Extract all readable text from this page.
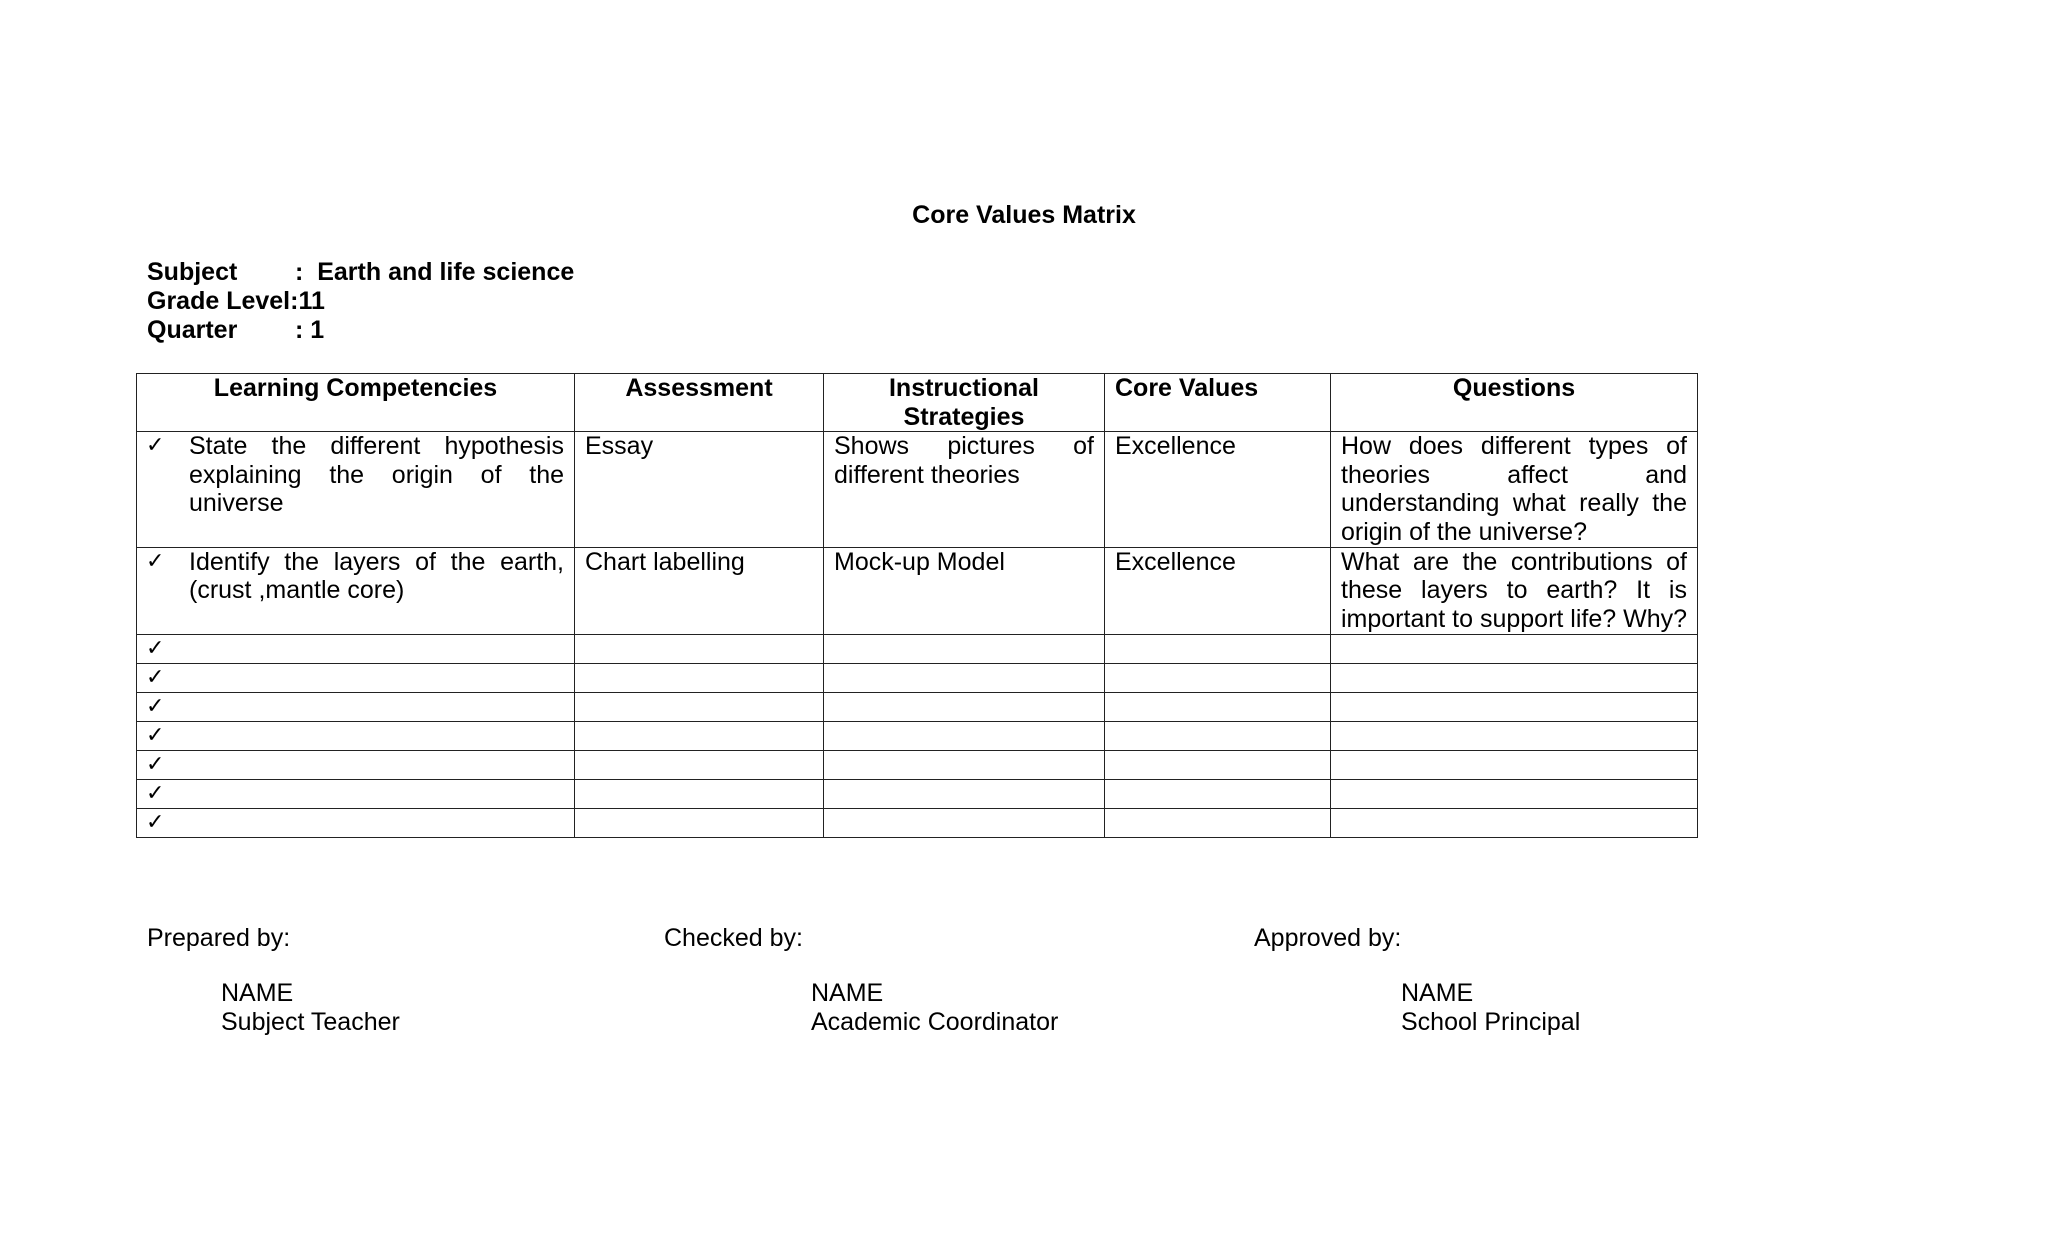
Core Values Matrix
Subject	:  Earth and life science
Grade Level :11
Quarter	: 1
Learning Competencies	Assessment	Instructional Strategies	Core Values	Questions

✓ State the different hypothesis explaining the origin of the universe	Essay	Shows pictures of different theories	Excellence	How does different types of theories affect and understanding what really the origin of the universe?

✓ Identify the layers of the earth, (crust ,mantle core)	Chart labelling	Mock-up Model	Excellence	What are the contributions of these layers to earth? It is important to support life? Why?

✓				

✓				

✓				

✓				

✓				

✓				

✓				

Prepared by:	Checked by:	Approved by:
NAME
Subject Teacher
NAME
Academic Coordinator
NAME
School Principal
